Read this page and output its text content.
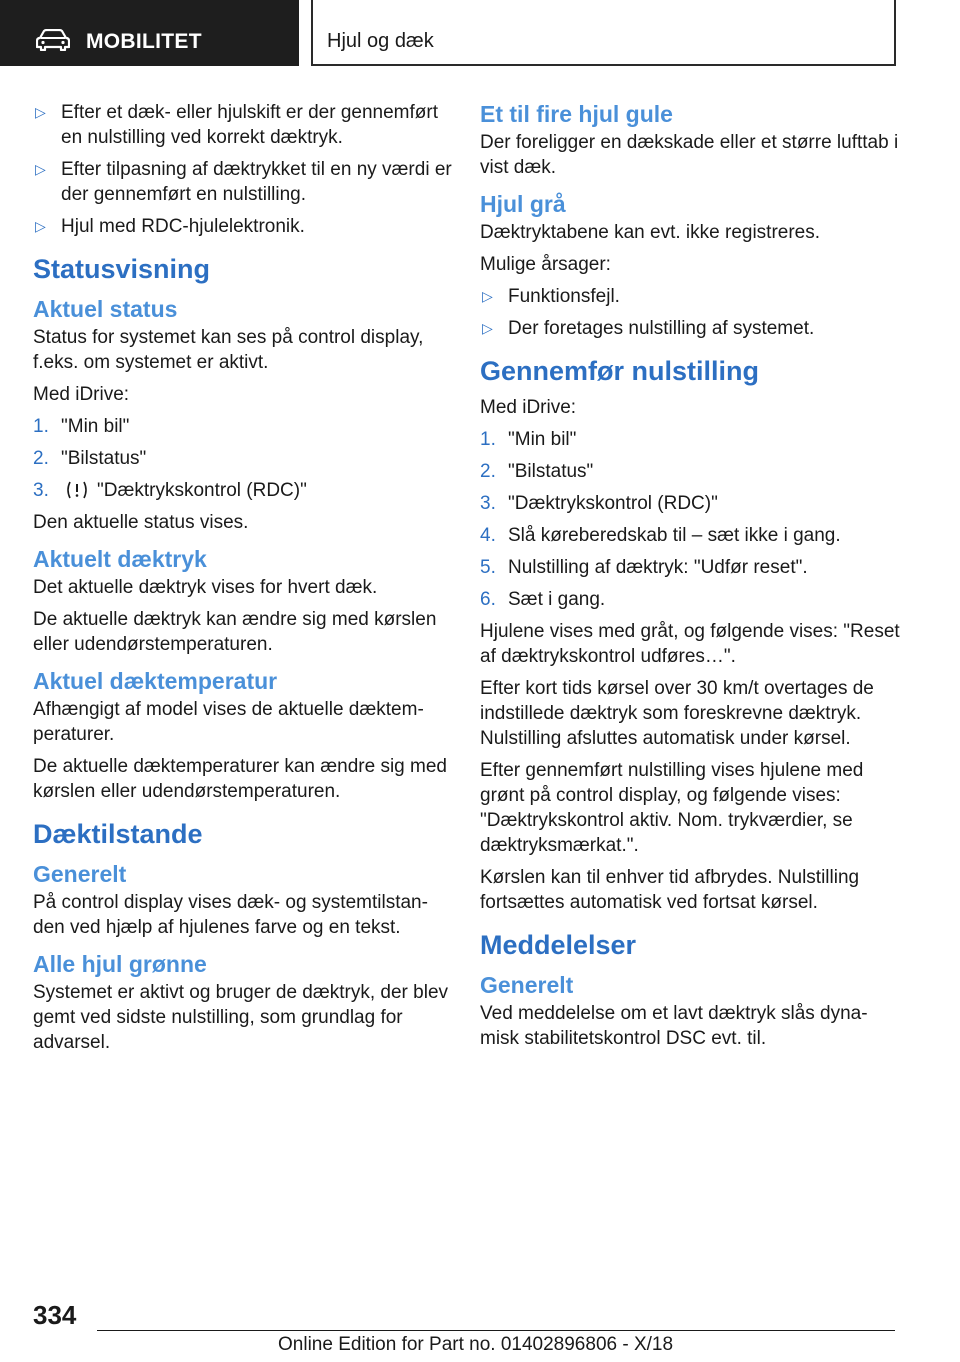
MOBILITET	Hjul og dæk
▷ Efter et dæk- eller hjulskift er der gennemført en nulstilling ved korrekt dæktryk.
▷ Efter tilpasning af dæktrykket til en ny værdi er der gennemført en nulstilling.
▷ Hjul med RDC-hjulelektronik.
Statusvisning
Aktuel status
Status for systemet kan ses på control display, f.eks. om systemet er aktivt.
Med iDrive:
1. "Min bil"
2. "Bilstatus"
3.	"Dæktrykskontrol (RDC)"
Den aktuelle status vises.
Aktuelt dæktryk
Det aktuelle dæktryk vises for hvert dæk.
De aktuelle dæktryk kan ændre sig med kørslen eller udendørstemperaturen.
Aktuel dæktemperatur
Afhængigt af model vises de aktuelle dæktemperaturer.
De aktuelle dæktemperaturer kan ændre sig med kørslen eller udendørstemperaturen.
Dæktilstande
Generelt
På control display vises dæk- og systemtilstanden ved hjælp af hjulenes farve og en tekst.
Alle hjul grønne
Systemet er aktivt og bruger de dæktryk, der blev gemt ved sidste nulstilling, som grundlag for advarsel.
Et til fire hjul gule
Der foreligger en dækskade eller et større lufttab i vist dæk.
Hjul grå
Dæktryktabene kan evt. ikke registreres.
Mulige årsager:
▷ Funktionsfejl.
▷ Der foretages nulstilling af systemet.
Gennemfør nulstilling
Med iDrive:
1. "Min bil"
2. "Bilstatus"
3. "Dæktrykskontrol (RDC)"
4. Slå køreberedskab til – sæt ikke i gang.
5. Nulstilling af dæktryk: "Udfør reset".
6. Sæt i gang.
Hjulene vises med gråt, og følgende vises: "Reset af dæktrykskontrol udføres…".
Efter kort tids kørsel over 30 km/t overtages de indstillede dæktryk som foreskrevne dæktryk. Nulstilling afsluttes automatisk under kørsel.
Efter gennemført nulstilling vises hjulene med grønt på control display, og følgende vises: "Dæktrykskontrol aktiv. Nom. trykværdier, se dæktryksmærkat.".
Kørslen kan til enhver tid afbrydes. Nulstilling fortsættes automatisk ved fortsat kørsel.
Meddelelser
Generelt
Ved meddelelse om et lavt dæktryk slås dynamisk stabilitetskontrol DSC evt. til.
334
Online Edition for Part no. 01402896806 - X/18
